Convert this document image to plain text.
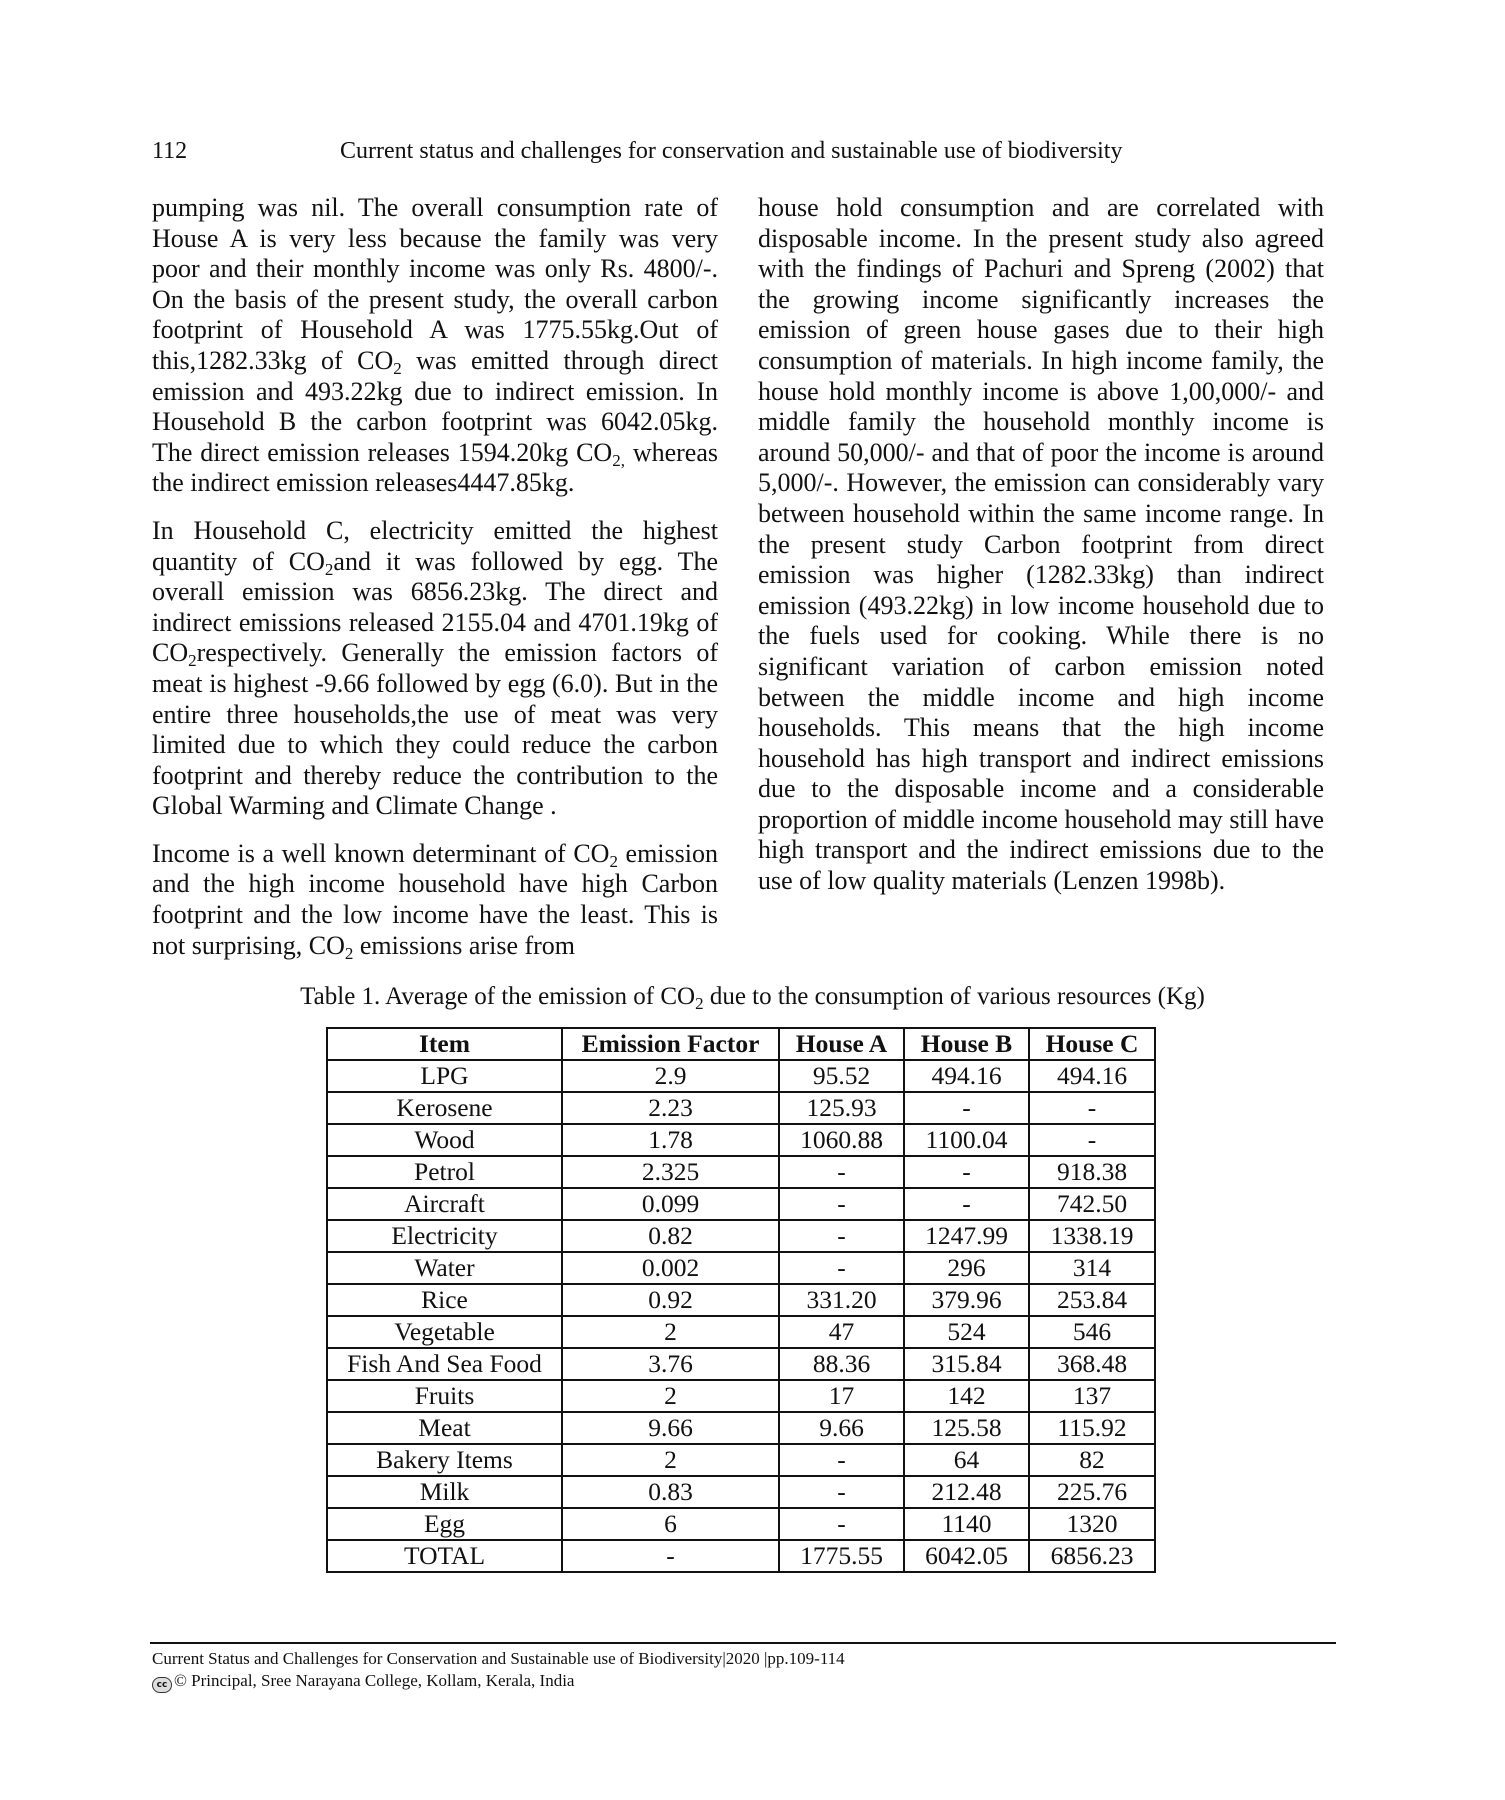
112	Current status and challenges for conservation and sustainable use of biodiversity

pumping was nil. The overall consumption rate of House A is very less because the family was very poor and their monthly income was only Rs. 4800/-. On the basis of the present study, the overall carbon footprint of Household A was 1775.55kg.Out of this,1282.33kg of $CO_2$ was emitted through direct emission and 493.22kg due to indirect emission. In Household B the carbon footprint was 6042.05kg. The direct emission releases 1594.20kg $CO_{2,}$ whereas the indirect emission releases4447.85kg.

In Household C, electricity emitted the highest quantity of $CO_2and$ it was followed by egg. The overall emission was 6856.23kg. The direct and indirect emissions released 2155.04 and 4701.19kg of $CO_2respectively$. Generally the emission factors of meat is highest -9.66 followed by egg (6.0). But in the entire three households,the use of meat was very limited due to which they could reduce the carbon footprint and thereby reduce the contribution to the Global Warming and Climate Change .

Income is a well known determinant of $CO_2$ emission and the high income household have high Carbon footprint and the low income have the least. This is not surprising, $CO_2$ emissions arise from

house hold consumption and are correlated with disposable income. In the present study also agreed with the findings of Pachuri and Spreng (2002) that the growing income significantly increases the emission of green house gases due to their high consumption of materials. In high income family, the house hold monthly income is above 1,00,000/- and middle family the household monthly income is around 50,000/- and that of poor the income is around 5,000/-. However, the emission can considerably vary between household within the same income range. In the present study Carbon footprint from direct emission was higher (1282.33kg) than indirect emission (493.22kg) in low income household due to the fuels used for cooking. While there is no significant variation of carbon emission noted between the middle income and high income households. This means that the high income household has high transport and indirect emissions due to the disposable income and a considerable proportion of middle income household may still have high transport and the indirect emissions due to the use of low quality materials (Lenzen 1998b).

Table 1. Average of the emission of $CO_2$ due to the consumption of various resources (Kg)
Item	Emission Factor	House A	House B	House C
LPG	2.9	95.52	494.16	494.16
Kerosene	2.23	125.93	-	-
Wood	1.78	1060.88	1100.04	-
Petrol	2.325	-	-	918.38
Aircraft	0.099	-	-	742.50
Electricity	0.82	-	1247.99	1338.19
Water	0.002	-	296	314
Rice	0.92	331.20	379.96	253.84
Vegetable	2	47	524	546
Fish And Sea Food	3.76	88.36	315.84	368.48
Fruits	2	17	142	137
Meat	9.66	9.66	125.58	115.92
Bakery Items	2	-	64	82
Milk	0.83	-	212.48	225.76
Egg	6	-	1140	1320
TOTAL	-	1775.55	6042.05	6856.23
Current Status and Challenges for Conservation and Sustainable use of Biodiversity|2020 |pp.109-114
cc © Principal, Sree Narayana College, Kollam, Kerala, India
